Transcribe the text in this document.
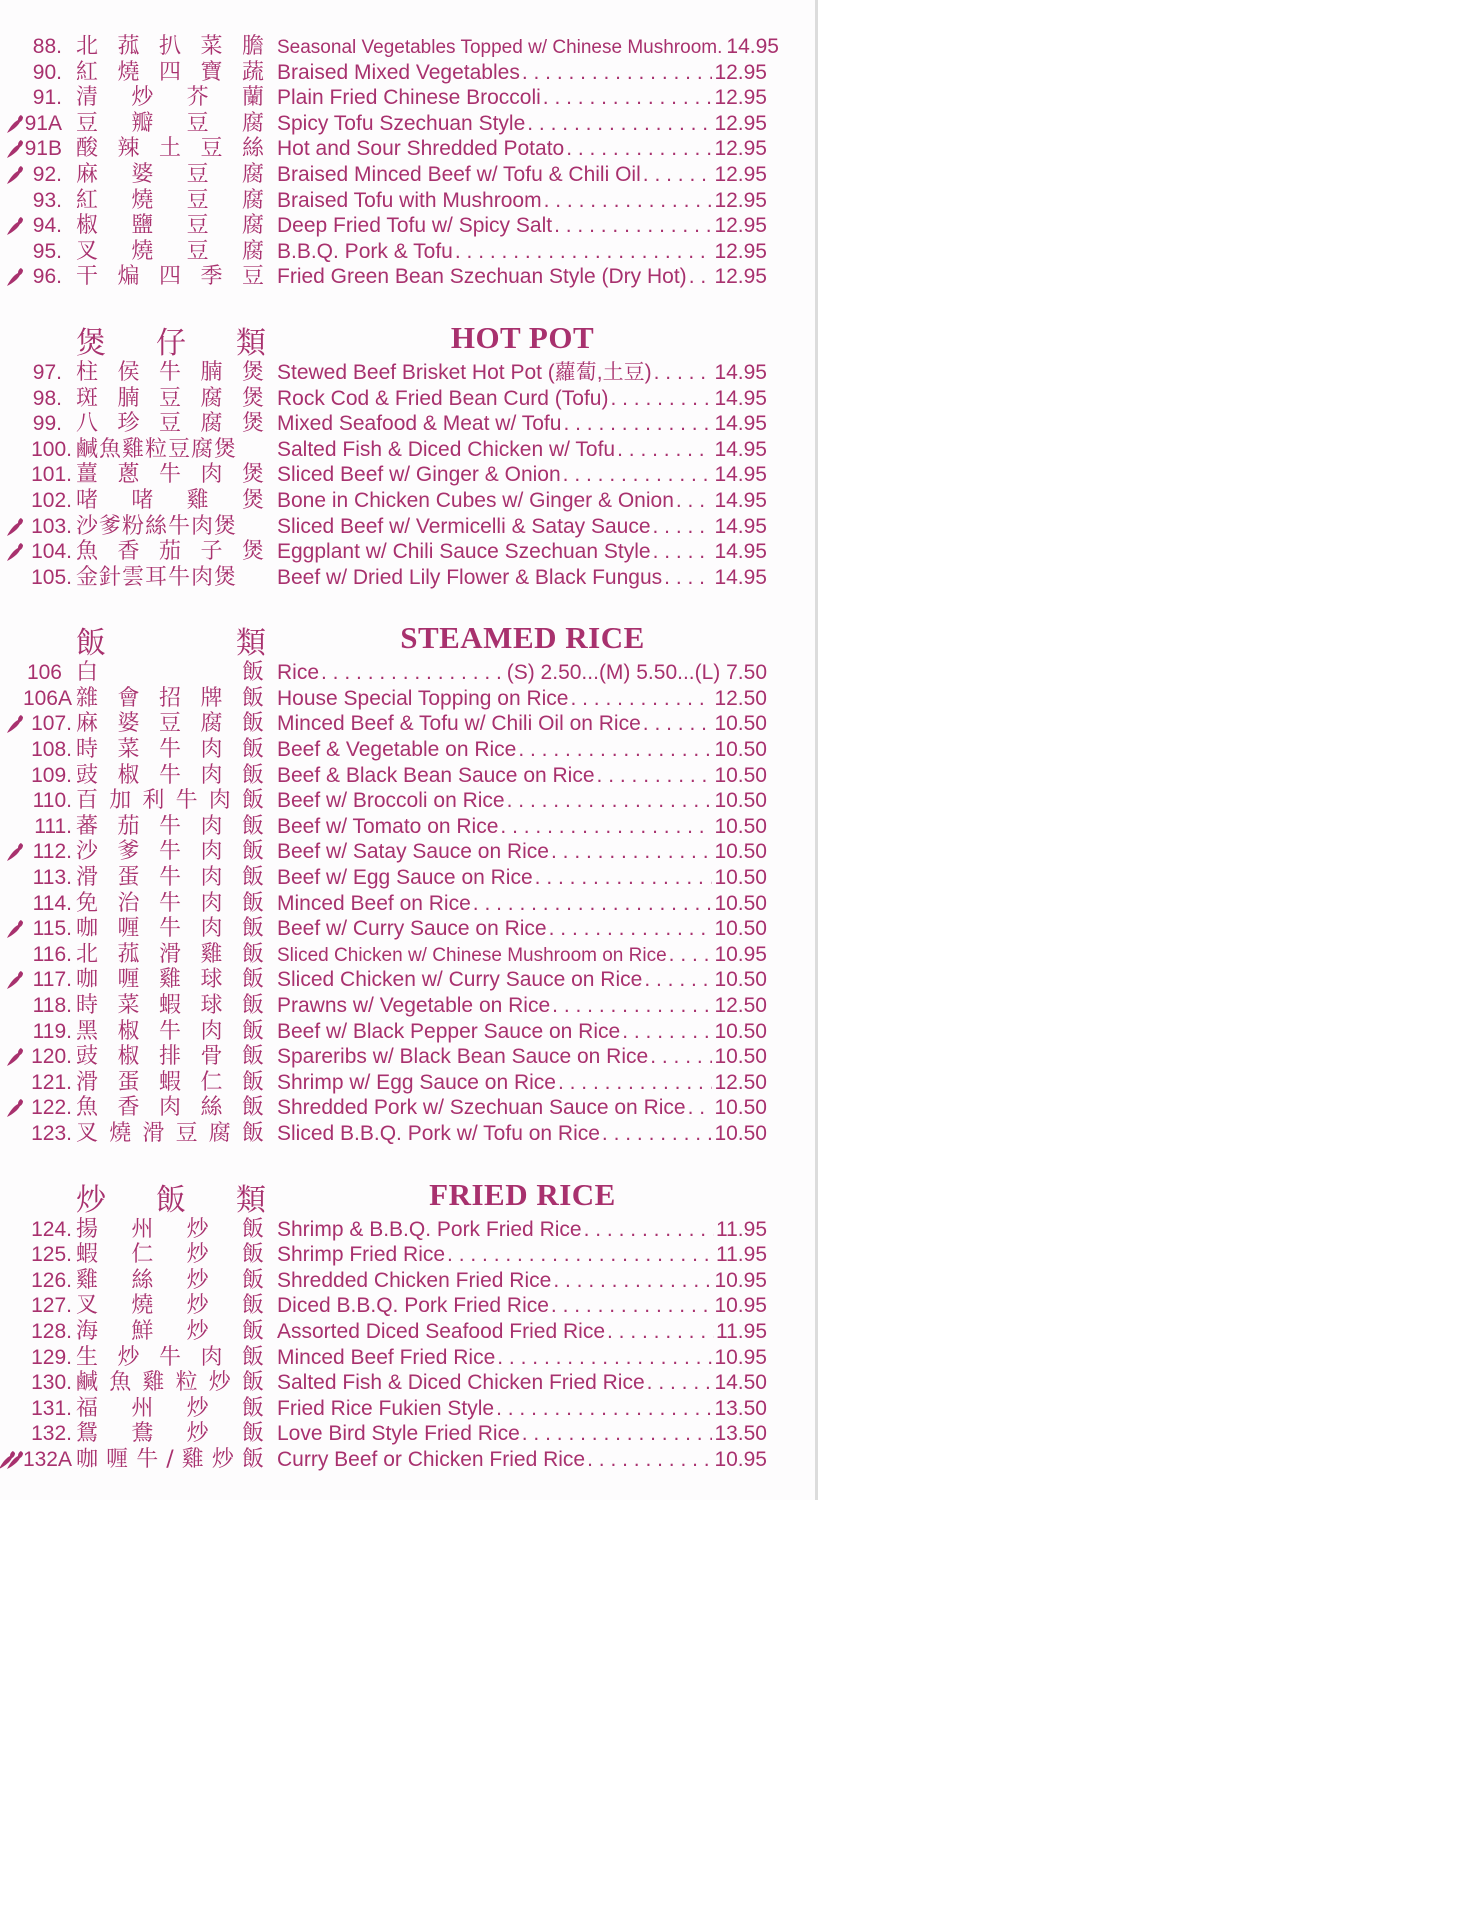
88. 北 菰 扒 菜 膽 Seasonal Vegetables Topped w/ Chinese Mushroom. 14.95
90. 紅 燒 四 寶 蔬 Braised Mixed Vegetables . . .	12.95
91. 清 炒 芥 蘭 Plain Fried Chinese Broccoli . . .	12.95
91A 豆 瓣 豆 腐 Spicy Tofu Szechuan Style . . .	12.95
91B 酸 辣 土 豆 絲 Hot and Sour Shredded Potato . . .	12.95
92. 麻 婆 豆 腐 Braised Minced Beef w/ Tofu & Chili Oil . . .	12.95
93. 紅 燒 豆 腐 Braised Tofu with Mushroom . . .	12.95
94. 椒 鹽 豆 腐 Deep Fried Tofu w/ Spicy Salt . . .	12.95
95. 叉 燒 豆 腐 B.B.Q. Pork & Tofu . . .	12.95
96. 干 煸 四 季 豆 Fried Green Bean Szechuan Style (Dry Hot) . . . 12.95
煲 仔 類	HOT POT
97. 柱 侯 牛 腩 煲 Stewed Beef Brisket Hot Pot (蘿蔔,土豆) . . .	14.95
98. 斑 腩 豆 腐 煲 Rock Cod & Fried Bean Curd (Tofu) . . .	14.95
99. 八 珍 豆 腐 煲 Mixed Seafood & Meat w/ Tofu . . .	14.95
100. 鹹魚雞粒豆腐煲 Salted Fish & Diced Chicken w/ Tofu . . .	14.95
101. 薑 蔥 牛 肉 煲 Sliced Beef w/ Ginger & Onion . . .	14.95
102. 啫 啫 雞 煲 Bone in Chicken Cubes w/ Ginger & Onion . . . 14.95
103. 沙爹粉絲牛肉煲 Sliced Beef w/ Vermicelli & Satay Sauce . . .	14.95
104. 魚 香 茄 子 煲 Eggplant w/ Chili Sauce Szechuan Style . . .	14.95
105. 金針雲耳牛肉煲 Beef w/ Dried Lily Flower & Black Fungus . . . 14.95
飯	類	STEAMED RICE
106 白	飯 Rice . . .	(S) 2.50...(M) 5.50...(L) 7.50
106A 雜 會 招 牌 飯 House Special Topping on Rice . . .	12.50
107. 麻 婆 豆 腐 飯 Minced Beef & Tofu w/ Chili Oil on Rice . . .	10.50
108. 時 菜 牛 肉 飯 Beef & Vegetable on Rice . . .	10.50
109. 豉 椒 牛 肉 飯 Beef & Black Bean Sauce on Rice . . .	10.50
110. 百 加 利 牛 肉 飯 Beef w/ Broccoli on Rice . . .	10.50
111. 蕃 茄 牛 肉 飯 Beef w/ Tomato on Rice . . .	10.50
112. 沙 爹 牛 肉 飯 Beef w/ Satay Sauce on Rice . . .	10.50
113. 滑 蛋 牛 肉 飯 Beef w/ Egg Sauce on Rice . . .	10.50
114. 免 治 牛 肉 飯 Minced Beef on Rice . . .	10.50
115. 咖 喱 牛 肉 飯 Beef w/ Curry Sauce on Rice . . .	10.50
116. 北 菰 滑 雞 飯 Sliced Chicken w/ Chinese Mushroom on Rice . . . 10.95
117. 咖 喱 雞 球 飯 Sliced Chicken w/ Curry Sauce on Rice . . .	10.50
118. 時 菜 蝦 球 飯 Prawns w/ Vegetable on Rice . . .	12.50
119. 黑 椒 牛 肉 飯 Beef w/ Black Pepper Sauce on Rice . . .	10.50
120. 豉 椒 排 骨 飯 Spareribs w/ Black Bean Sauce on Rice . . .	10.50
121. 滑 蛋 蝦 仁 飯 Shrimp w/ Egg Sauce on Rice . . .	12.50
122. 魚 香 肉 絲 飯 Shredded Pork w/ Szechuan Sauce on Rice . . . 10.50
123. 叉 燒 滑 豆 腐 飯 Sliced B.B.Q. Pork w/ Tofu on Rice . . .	10.50
炒 飯 類	FRIED RICE
124. 揚 州 炒 飯 Shrimp & B.B.Q. Pork Fried Rice . . .	11.95
125. 蝦 仁 炒 飯 Shrimp Fried Rice . . .	11.95
126. 雞 絲 炒 飯 Shredded Chicken Fried Rice . . .	10.95
127. 叉 燒 炒 飯 Diced B.B.Q. Pork Fried Rice . . .	10.95
128. 海 鮮 炒 飯 Assorted Diced Seafood Fried Rice . . .	11.95
129. 生 炒 牛 肉 飯 Minced Beef Fried Rice . . .	10.95
130. 鹹 魚 雞 粒 炒 飯 Salted Fish & Diced Chicken Fried Rice . . .	14.50
131. 福 州 炒 飯 Fried Rice Fukien Style . . .	13.50
132. 鴛 鴦 炒 飯 Love Bird Style Fried Rice . . .	13.50
132A 咖 喱 牛 / 雞 炒 飯 Curry Beef or Chicken Fried Rice . . .	10.95
